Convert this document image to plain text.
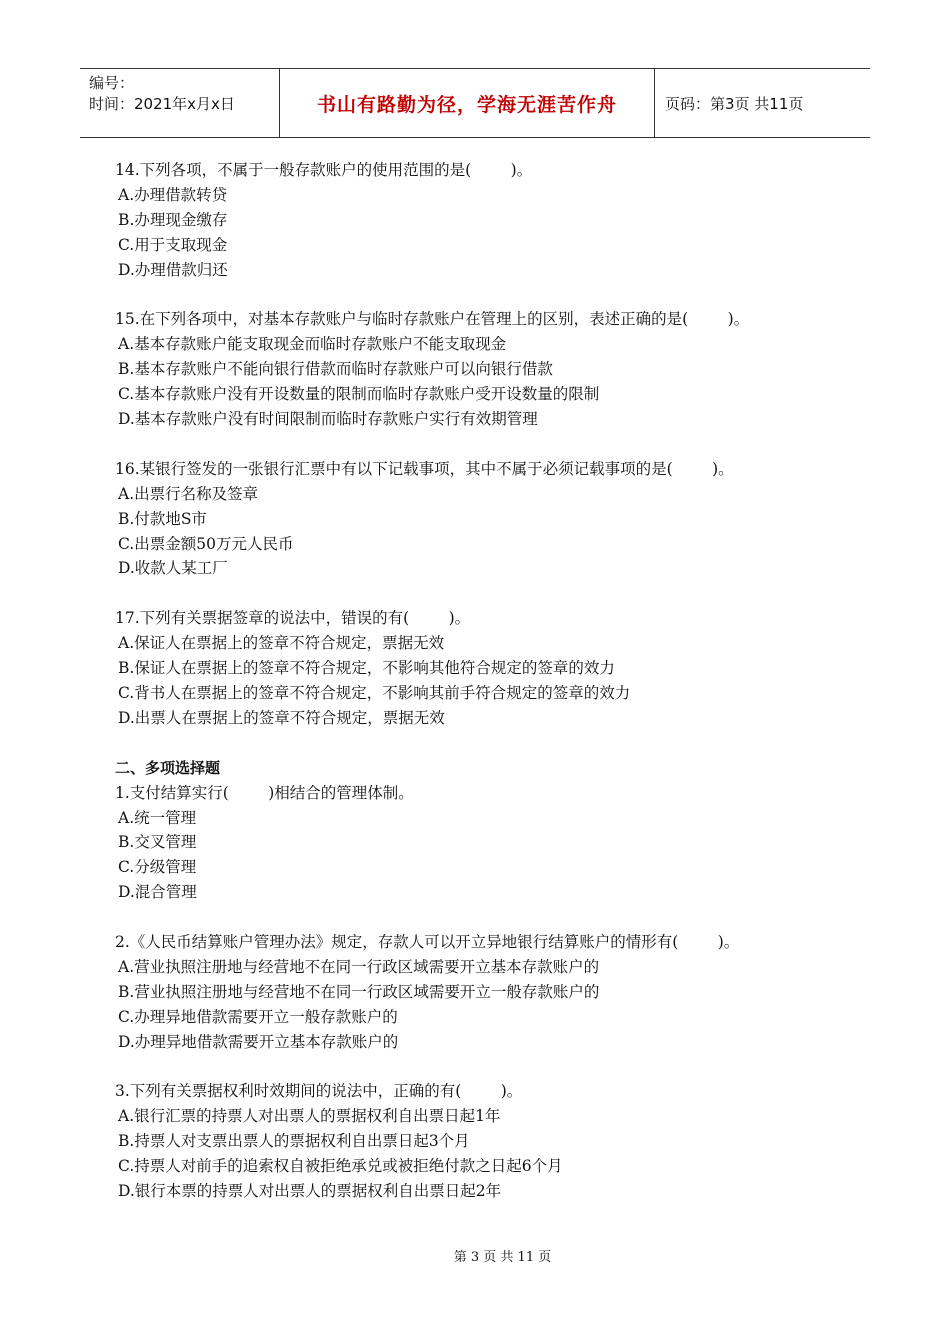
编号：
时间：2021年x月x日	书山有路勤为径，学海无涯苦作舟	页码：第3页 共11页
14.下列各项，不属于一般存款账户的使用范围的是(        )。
A.办理借款转贷
B.办理现金缴存
C.用于支取现金
D.办理借款归还
15.在下列各项中，对基本存款账户与临时存款账户在管理上的区别，表述正确的是(        )。
A.基本存款账户能支取现金而临时存款账户不能支取现金
B.基本存款账户不能向银行借款而临时存款账户可以向银行借款
C.基本存款账户没有开设数量的限制而临时存款账户受开设数量的限制
D.基本存款账户没有时间限制而临时存款账户实行有效期管理
16.某银行签发的一张银行汇票中有以下记载事项，其中不属于必须记载事项的是(        )。
A.出票行名称及签章
B.付款地S市
C.出票金额50万元人民币
D.收款人某工厂
17.下列有关票据签章的说法中，错误的有(        )。
A.保证人在票据上的签章不符合规定，票据无效
B.保证人在票据上的签章不符合规定，不影响其他符合规定的签章的效力
C.背书人在票据上的签章不符合规定，不影响其前手符合规定的签章的效力
D.出票人在票据上的签章不符合规定，票据无效
二、多项选择题
1.支付结算实行(        )相结合的管理体制。
A.统一管理
B.交叉管理
C.分级管理
D.混合管理
2.《人民币结算账户管理办法》规定，存款人可以开立异地银行结算账户的情形有(        )。
A.营业执照注册地与经营地不在同一行政区域需要开立基本存款账户的
B.营业执照注册地与经营地不在同一行政区域需要开立一般存款账户的
C.办理异地借款需要开立一般存款账户的
D.办理异地借款需要开立基本存款账户的
3.下列有关票据权利时效期间的说法中，正确的有(        )。
A.银行汇票的持票人对出票人的票据权利自出票日起1年
B.持票人对支票出票人的票据权利自出票日起3个月
C.持票人对前手的追索权自被拒绝承兑或被拒绝付款之日起6个月
D.银行本票的持票人对出票人的票据权利自出票日起2年
第 3 页 共 11 页
